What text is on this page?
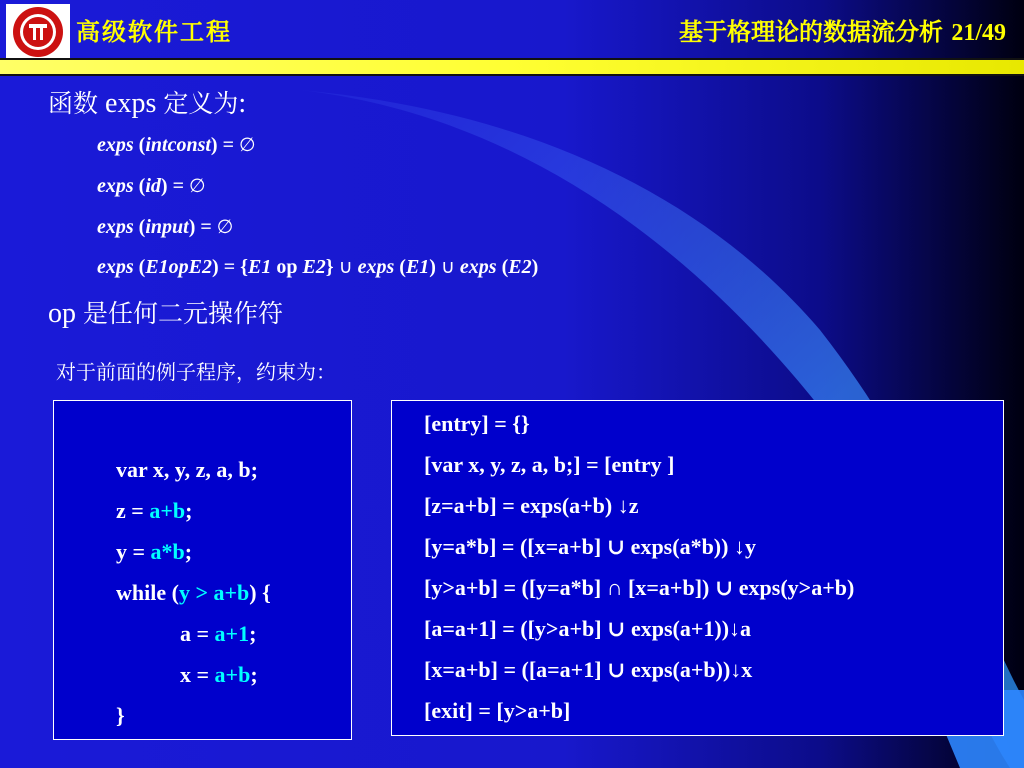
高级软件工程	基于格理论的数据流分析 21/49
函数 exps 定义为:
exps (intconst) = ∅
exps (id) = ∅
exps (input) = ∅
exps (E1opE2) = {E1 op E2} ∪ exps (E1) ∪ exps (E2)
op 是任何二元操作符
对于前面的例子程序，约束为：
var x, y, z, a, b;
z = a+b;
y = a*b;
while (y > a+b) {
a = a+1;
x = a+b;
}
[entry] = {}
[var x, y, z, a, b;] = [entry ]
[z=a+b] = exps(a+b) ↓z
[y=a*b] = ([x=a+b] ∪ exps(a*b)) ↓y
[y>a+b] = ([y=a*b] ∩ [x=a+b]) ∪ exps(y>a+b)
[a=a+1] = ([y>a+b] ∪ exps(a+1))↓a
[x=a+b] = ([a=a+1] ∪ exps(a+b))↓x
[exit] = [y>a+b]
